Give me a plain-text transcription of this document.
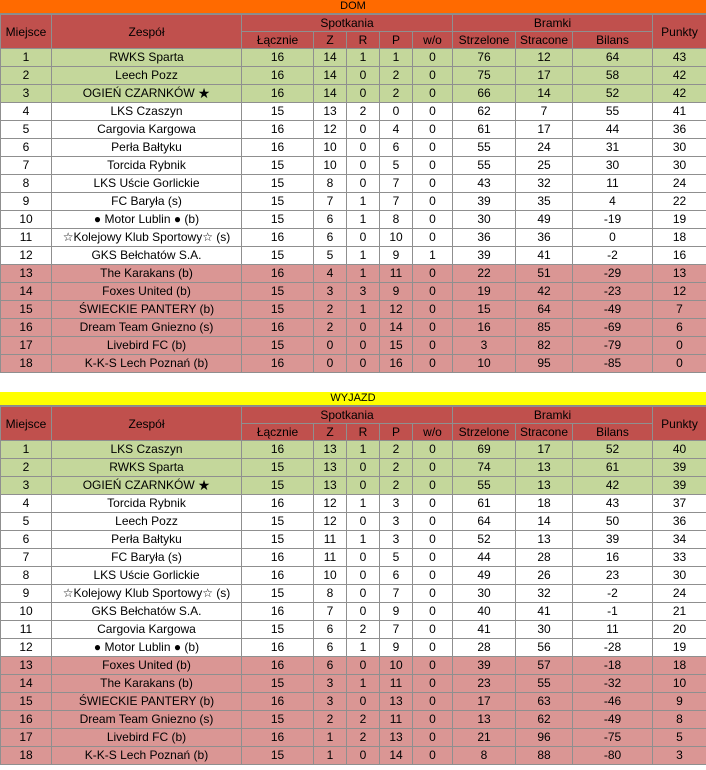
DOM
Miejsce	Zespół	Spotkania					Bramki			Punkty
		Łącznie	Z	R	P	w/o	Strzelone	Stracone	Bilans	
1	RWKS Sparta	16	14	1	1	0	76	12	64	43
2	Leech Pozz	16	14	0	2	0	75	17	58	42
3	OGIEŃ CZARNKÓW ★	16	14	0	2	0	66	14	52	42
4	LKS Czaszyn	15	13	2	0	0	62	7	55	41
5	Cargovia Kargowa	16	12	0	4	0	61	17	44	36
6	Perła Bałtyku	16	10	0	6	0	55	24	31	30
7	Torcida Rybnik	15	10	0	5	0	55	25	30	30
8	LKS Uście Gorlickie	15	8	0	7	0	43	32	11	24
9	FC Baryła (s)	15	7	1	7	0	39	35	4	22
10	● Motor Lublin ● (b)	15	6	1	8	0	30	49	-19	19
11	☆Kolejowy Klub Sportowy☆ (s)	16	6	0	10	0	36	36	0	18
12	GKS Bełchatów S.A.	15	5	1	9	1	39	41	-2	16
13	The Karakans (b)	16	4	1	11	0	22	51	-29	13
14	Foxes United (b)	15	3	3	9	0	19	42	-23	12
15	ŚWIECKIE PANTERY (b)	15	2	1	12	0	15	64	-49	7
16	Dream Team Gniezno (s)	16	2	0	14	0	16	85	-69	6
17	Livebird FC (b)	15	0	0	15	0	3	82	-79	0
18	K-K-S Lech Poznań (b)	16	0	0	16	0	10	95	-85	0
WYJAZD
Miejsce	Zespół	Spotkania					Bramki			Punkty
		Łącznie	Z	R	P	w/o	Strzelone	Stracone	Bilans	
1	LKS Czaszyn	16	13	1	2	0	69	17	52	40
2	RWKS Sparta	15	13	0	2	0	74	13	61	39
3	OGIEŃ CZARNKÓW ★	15	13	0	2	0	55	13	42	39
4	Torcida Rybnik	16	12	1	3	0	61	18	43	37
5	Leech Pozz	15	12	0	3	0	64	14	50	36
6	Perła Bałtyku	15	11	1	3	0	52	13	39	34
7	FC Baryła (s)	16	11	0	5	0	44	28	16	33
8	LKS Uście Gorlickie	16	10	0	6	0	49	26	23	30
9	☆Kolejowy Klub Sportowy☆ (s)	15	8	0	7	0	30	32	-2	24
10	GKS Bełchatów S.A.	16	7	0	9	0	40	41	-1	21
11	Cargovia Kargowa	15	6	2	7	0	41	30	11	20
12	● Motor Lublin ● (b)	16	6	1	9	0	28	56	-28	19
13	Foxes United (b)	16	6	0	10	0	39	57	-18	18
14	The Karakans (b)	15	3	1	11	0	23	55	-32	10
15	ŚWIECKIE PANTERY (b)	16	3	0	13	0	17	63	-46	9
16	Dream Team Gniezno (s)	15	2	2	11	0	13	62	-49	8
17	Livebird FC (b)	16	1	2	13	0	21	96	-75	5
18	K-K-S Lech Poznań (b)	15	1	0	14	0	8	88	-80	3
